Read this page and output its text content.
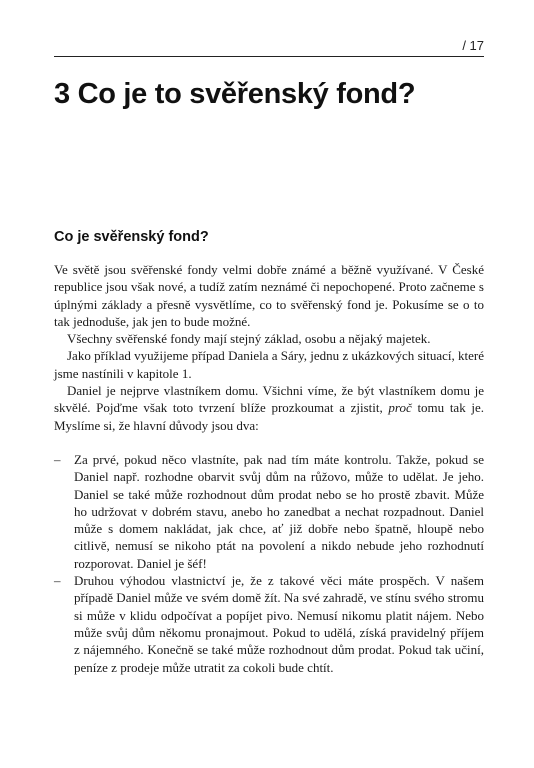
/ 17
3 Co je to svěřenský fond?
Co je svěřenský fond?

Ve světě jsou svěřenské fondy velmi dobře známé a běžně využívané. V České republice jsou však nové, a tudíž zatím neznámé či nepochopené. Proto začneme s úplnými základy a přesně vysvětlíme, co to svěřenský fond je. Pokusíme se o to tak jednoduše, jak jen to bude možné.

Všechny svěřenské fondy mají stejný základ, osobu a nějaký majetek.

Jako příklad využijeme případ Daniela a Sáry, jednu z ukázkových situací, které jsme nastínili v kapitole 1.

Daniel je nejprve vlastníkem domu. Všichni víme, že být vlastníkem domu je skvělé. Pojďme však toto tvrzení blíže prozkoumat a zjistit, proč tomu tak je. Myslíme si, že hlavní důvody jsou dva:

– Za prvé, pokud něco vlastníte, pak nad tím máte kontrolu. Takže, pokud se Daniel např. rozhodne obarvit svůj dům na růžovo, může to udělat. Je jeho. Daniel se také může rozhodnout dům prodat nebo se ho prostě zbavit. Může ho udržovat v dobrém stavu, anebo ho zanedbat a nechat rozpadnout. Daniel může s domem nakládat, jak chce, ať již dobře nebo špatně, hloupě nebo citlivě, nemusí se nikoho ptát na povolení a nikdo nebude jeho rozhodnutí rozporovat. Daniel je šéf!
– Druhou výhodou vlastnictví je, že z takové věci máte prospěch. V našem případě Daniel může ve svém domě žít. Na své zahradě, ve stínu svého stromu si může v klidu odpočívat a popíjet pivo. Nemusí nikomu platit nájem. Nebo může svůj dům někomu pronajmout. Pokud to udělá, získá pravidelný příjem z nájemného. Konečně se také může rozhodnout dům prodat. Pokud tak učiní, peníze z prodeje může utratit za cokoli bude chtít.
